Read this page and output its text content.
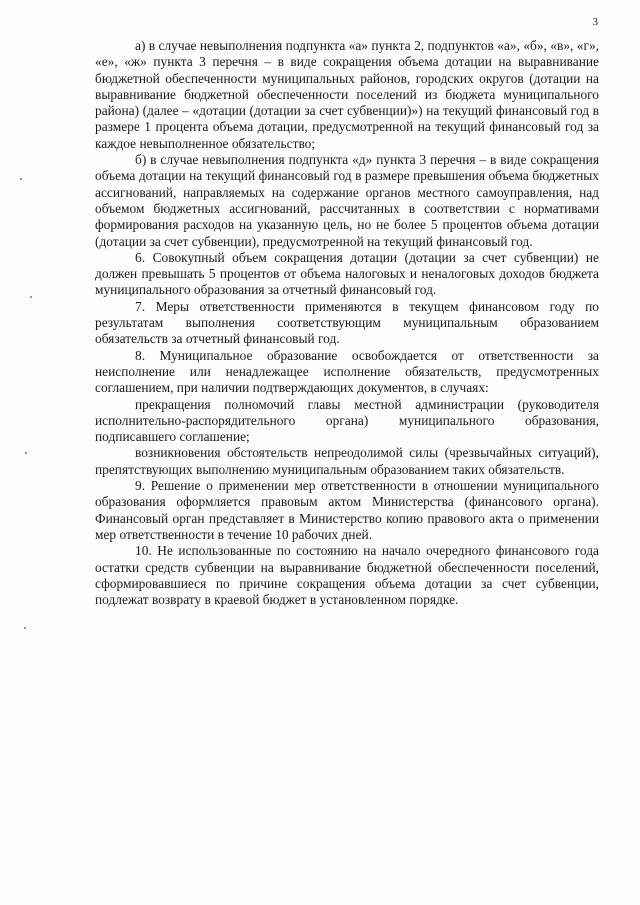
3

а) в случае невыполнения подпункта «а» пункта 2, подпунктов «а», «б», «в», «г», «е», «ж» пункта 3 перечня – в виде сокращения объема дотации на выравнивание бюджетной обеспеченности муниципальных районов, городских округов (дотации на выравнивание бюджетной обеспеченности поселений из бюджета муниципального района) (далее – «дотации (дотации за счет субвенции)») на текущий финансовый год в размере 1 процента объема дотации, предусмотренной на текущий финансовый год за каждое невыполненное обязательство;

б) в случае невыполнения подпункта «д» пункта 3 перечня – в виде сокращения объема дотации на текущий финансовый год в размере превышения объема бюджетных ассигнований, направляемых на содержание органов местного самоуправления, над объемом бюджетных ассигнований, рассчитанных в соответствии с нормативами формирования расходов на указанную цель, но не более 5 процентов объема дотации (дотации за счет субвенции), предусмотренной на текущий финансовый год.

6. Совокупный объем сокращения дотации (дотации за счет субвенции) не должен превышать 5 процентов от объема налоговых и неналоговых доходов бюджета муниципального образования за отчетный финансовый год.

7. Меры ответственности применяются в текущем финансовом году по результатам выполнения соответствующим муниципальным образованием обязательств за отчетный финансовый год.

8. Муниципальное образование освобождается от ответственности за неисполнение или ненадлежащее исполнение обязательств, предусмотренных соглашением, при наличии подтверждающих документов, в случаях:

прекращения полномочий главы местной администрации (руководителя исполнительно-распорядительного органа) муниципального образования, подписавшего соглашение;

возникновения обстоятельств непреодолимой силы (чрезвычайных ситуаций), препятствующих выполнению муниципальным образованием таких обязательств.

9. Решение о применении мер ответственности в отношении муниципального образования оформляется правовым актом Министерства (финансового органа). Финансовый орган представляет в Министерство копию правового акта о применении мер ответственности в течение 10 рабочих дней.

10. Не использованные по состоянию на начало очередного финансового года остатки средств субвенции на выравнивание бюджетной обеспеченности поселений, сформировавшиеся по причине сокращения объема дотации за счет субвенции, подлежат возврату в краевой бюджет в установленном порядке.
